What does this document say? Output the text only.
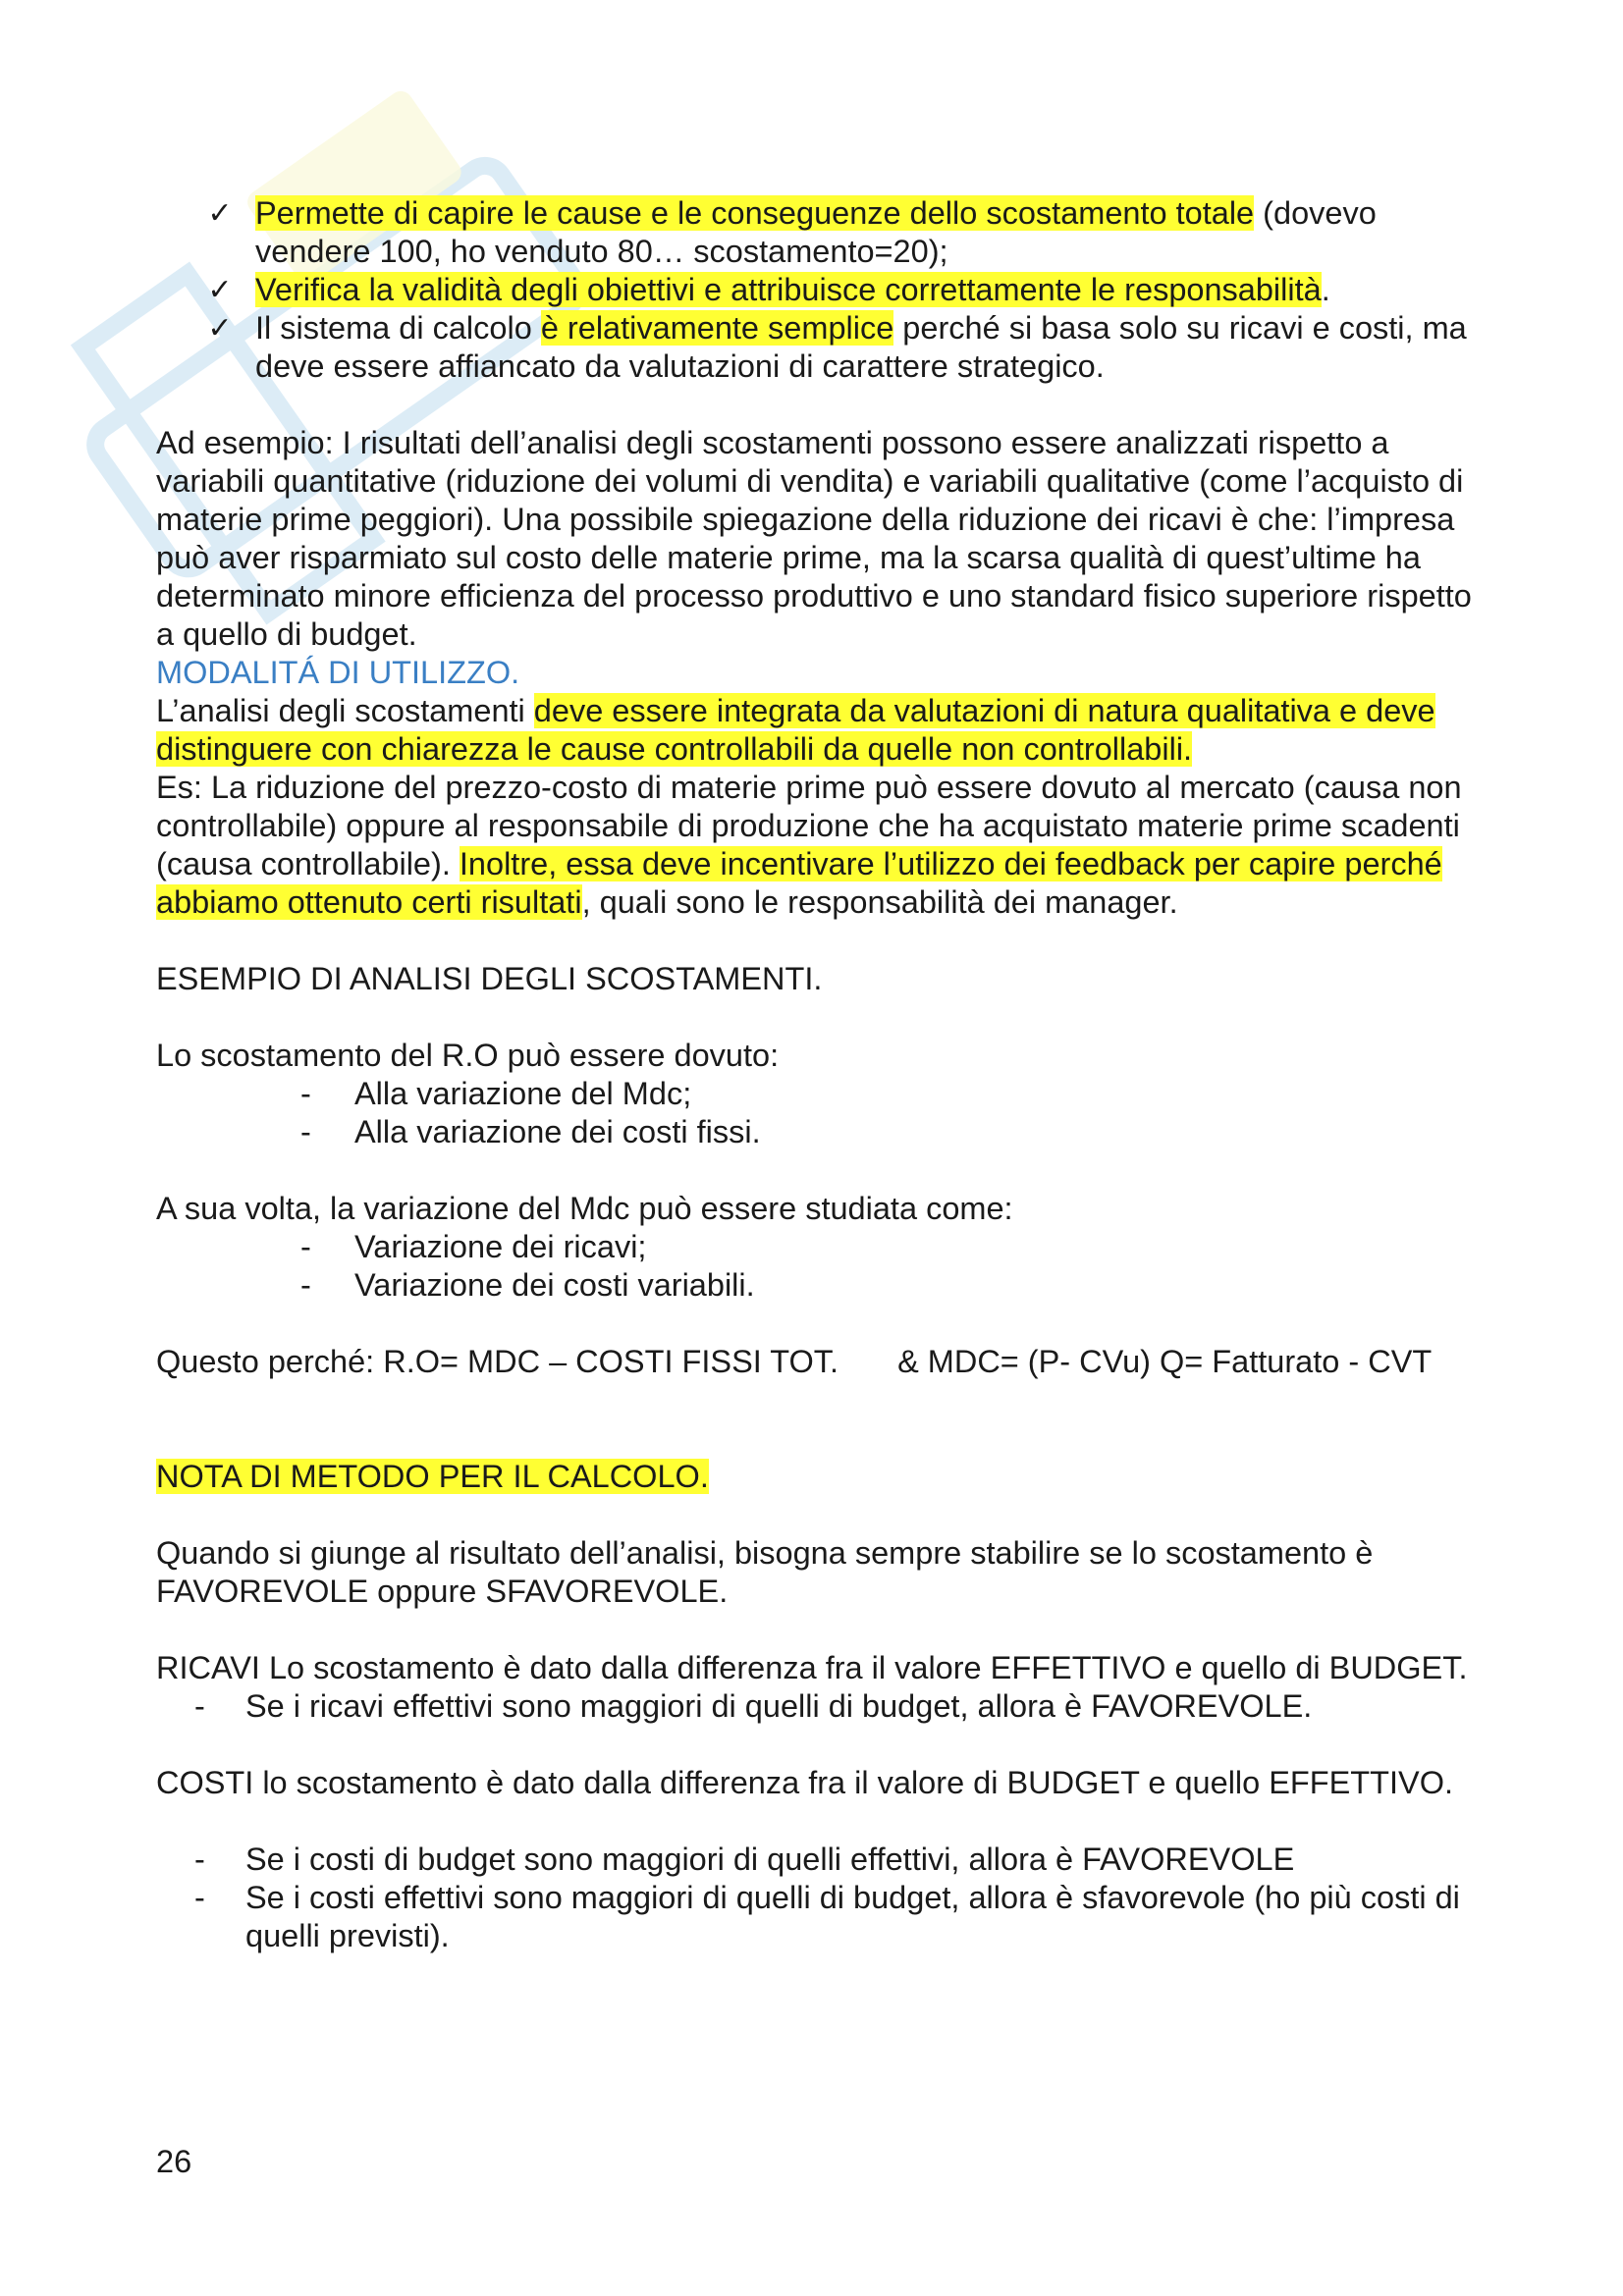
✓ Permette di capire le cause e le conseguenze dello scostamento totale (dovevo vendere 100, ho venduto 80… scostamento=20);
✓ Verifica la validità degli obiettivi e attribuisce correttamente le responsabilità.
✓ Il sistema di calcolo è relativamente semplice perché si basa solo su ricavi e costi, ma deve essere affiancato da valutazioni di carattere strategico.

Ad esempio: I risultati dell’analisi degli scostamenti possono essere analizzati rispetto a variabili quantitative (riduzione dei volumi di vendita) e variabili qualitative (come l’acquisto di materie prime peggiori). Una possibile spiegazione della riduzione dei ricavi è che: l’impresa può aver risparmiato sul costo delle materie prime, ma la scarsa qualità di quest’ultime ha determinato minore efficienza del processo produttivo e uno standard fisico superiore rispetto a quello di budget.

MODALITÁ DI UTILIZZO.

L’analisi degli scostamenti deve essere integrata da valutazioni di natura qualitativa e deve distinguere con chiarezza le cause controllabili da quelle non controllabili.

Es: La riduzione del prezzo-costo di materie prime può essere dovuto al mercato (causa non controllabile) oppure al responsabile di produzione che ha acquistato materie prime scadenti (causa controllabile). Inoltre, essa deve incentivare l’utilizzo dei feedback per capire perché abbiamo ottenuto certi risultati, quali sono le responsabilità dei manager.

ESEMPIO DI ANALISI DEGLI SCOSTAMENTI.

Lo scostamento del R.O può essere dovuto:

- Alla variazione del Mdc;
- Alla variazione dei costi fissi.

A sua volta, la variazione del Mdc può essere studiata come:

- Variazione dei ricavi;
- Variazione dei costi variabili.

Questo perché: R.O= MDC – COSTI FISSI TOT. & MDC= (P- CVu) Q= Fatturato - CVT

NOTA DI METODO PER IL CALCOLO.

Quando si giunge al risultato dell’analisi, bisogna sempre stabilire se lo scostamento è FAVOREVOLE oppure SFAVOREVOLE.

RICAVI Lo scostamento è dato dalla differenza fra il valore EFFETTIVO e quello di BUDGET.

- Se i ricavi effettivi sono maggiori di quelli di budget, allora è FAVOREVOLE.

COSTI lo scostamento è dato dalla differenza fra il valore di BUDGET e quello EFFETTIVO.

- Se i costi di budget sono maggiori di quelli effettivi, allora è FAVOREVOLE
- Se i costi effettivi sono maggiori di quelli di budget, allora è sfavorevole (ho più costi di quelli previsti).
26
